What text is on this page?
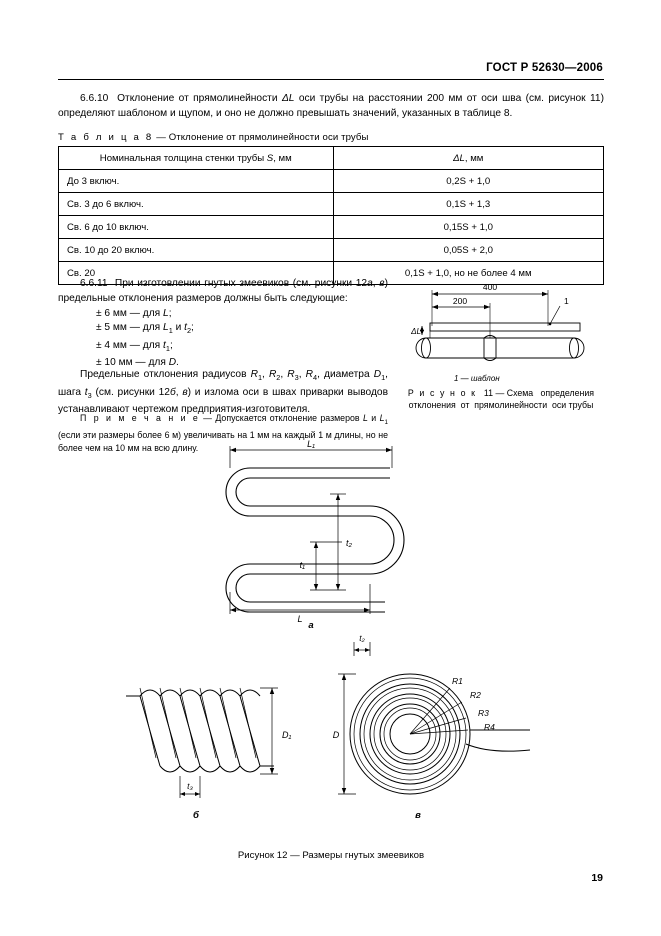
ГОСТ Р 52630—2006
6.6.10  Отклонение от прямолинейности ΔL оси трубы на расстоянии 200 мм от оси шва (см. рисунок 11) определяют шаблоном и щупом, и оно не должно превышать значений, указанных в таблице 8.
Т а б л и ц а 8 — Отклонение от прямолинейности оси трубы
Номинальная толщина стенки трубы S, мм	ΔL, мм
До 3 включ.	0,2S + 1,0
Св. 3 до 6 включ.	0,1S + 1,3
Св. 6 до 10 включ.	0,15S + 1,0
Св. 10 до 20 включ.	0,05S + 2,0
Св. 20	0,1S + 1,0, но не более 4 мм
6.6.11  При изготовлении гнутых змеевиков (см. рисунки 12а, в) предельные отклонения размеров должны быть следующие:
± 6 мм — для L;
± 5 мм — для $L_1$ и $t_2$;
± 4 мм — для $t_1$;
± 10 мм — для D.
Предельные отклонения радиусов $R_1$, $R_2$, $R_3$, $R_4$, диаметра $D_1$, шага $t_3$ (см. рисунки 12б, в) и излома оси в швах приварки выводов устанавливают чертежом предприятия-изготовителя.
П р и м е ч а н и е — Допускается отклонение размеров L и $L_1$ (если эти размеры более 6 м) увеличивать на 1 мм на каждый 1 м длины, но не более чем на 10 мм на всю длину.
400
200
ΔL
1
1 — шаблон
Р и с у н о к   11 — Схема   определения отклонения  от  прямолинейности  оси трубы
L₁
L
t₂
t₁
а
D₁
t₃
б
R1
R2
R3
R4
D
t₂
в
Рисунок 12 — Размеры гнутых змеевиков
19
